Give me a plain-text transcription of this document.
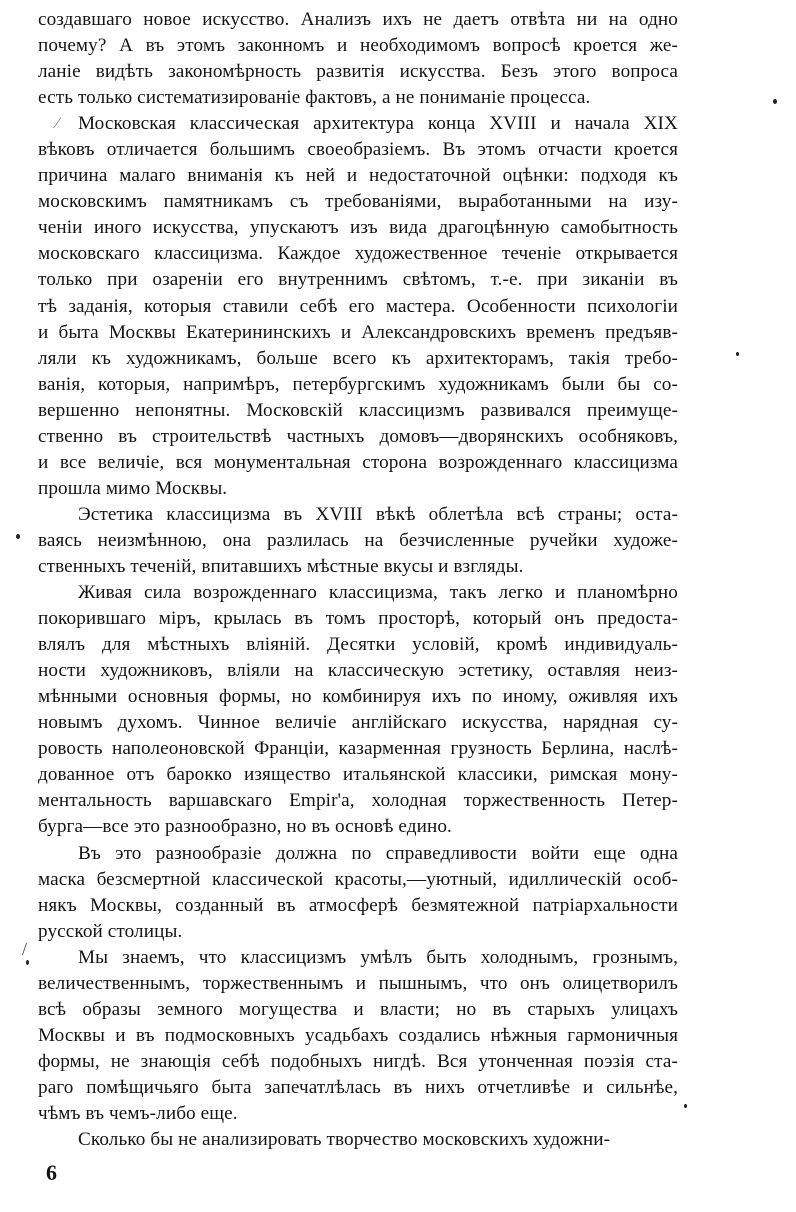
создавшаго новое искусство. Анализъ ихъ не даетъ отвѣта ни на одно
почему? А въ этомъ законномъ и необходимомъ вопросѣ кроется же-
ланіе видѣть закономѣрность развитія искусства. Безъ этого вопроса
есть только систематизированіе фактовъ, а не пониманіе процесса.
Московская классическая архитектура конца XVIII и начала XIX
вѣковъ отличается большимъ своеобразіемъ. Въ этомъ отчасти кроется
причина малаго вниманія къ ней и недостаточной оцѣнки: подходя къ
московскимъ памятникамъ съ требованіями, выработанными на изу-
ченіи иного искусства, упускаютъ изъ вида драгоцѣнную самобытность
московскаго классицизма. Каждое художественное теченіе открывается
только при озареніи его внутреннимъ свѣтомъ, т.-е. при зиканіи въ
тѣ заданія, которыя ставили себѣ его мастера. Особенности психологіи
и быта Москвы Екатерининскихъ и Александровскихъ временъ предъяв-
ляли къ художникамъ, больше всего къ архитекторамъ, такія требо-
ванія, которыя, напримѣръ, петербургскимъ художникамъ были бы со-
вершенно непонятны. Московскій классицизмъ развивался преимуще-
ственно въ строительствѣ частныхъ домовъ—дворянскихъ особняковъ,
и все величіе, вся монументальная сторона возрожденнаго классицизма
прошла мимо Москвы.
Эстетика классицизма въ XVIII вѣкѣ облетѣла всѣ страны; оста-
ваясь неизмѣнною, она разлилась на безчисленные ручейки художе-
ственныхъ теченій, впитавшихъ мѣстные вкусы и взгляды.
Живая сила возрожденнаго классицизма, такъ легко и планомѣрно
покорившаго міръ, крылась въ томъ просторѣ, который онъ предоста-
влялъ для мѣстныхъ вліяній. Десятки условій, кромѣ индивидуаль-
ности художниковъ, вліяли на классическую эстетику, оставляя неиз-
мѣнными основныя формы, но комбинируя ихъ по иному, оживляя ихъ
новымъ духомъ. Чинное величіе англійскаго искусства, нарядная су-
ровость наполеоновской Франціи, казарменная грузность Берлина, наслѣ-
дованное отъ барокко изящество итальянской классики, римская мону-
ментальность варшавскаго Empir'a, холодная торжественность Петер-
бурга—все это разнообразно, но въ основѣ едино.
Въ это разнообразіе должна по справедливости войти еще одна
маска безсмертной классической красоты,—уютный, идиллическій особ-
някъ Москвы, созданный въ атмосферѣ безмятежной патріархальности
русской столицы.
Мы знаемъ, что классицизмъ умѣлъ быть холоднымъ, грознымъ,
величественнымъ, торжественнымъ и пышнымъ, что онъ олицетворилъ
всѣ образы земного могущества и власти; но въ старыхъ улицахъ
Москвы и въ подмосковныхъ усадьбахъ создались нѣжныя гармоничныя
формы, не знающія себѣ подобныхъ нигдѣ. Вся утонченная поэзія ста-
раго помѣщичьяго быта запечатлѣлась въ нихъ отчетливѣе и сильнѣе,
чѣмъ въ чемъ-либо еще.
Сколько бы не анализировать творчество московскихъ художни-
6
⁄
/
